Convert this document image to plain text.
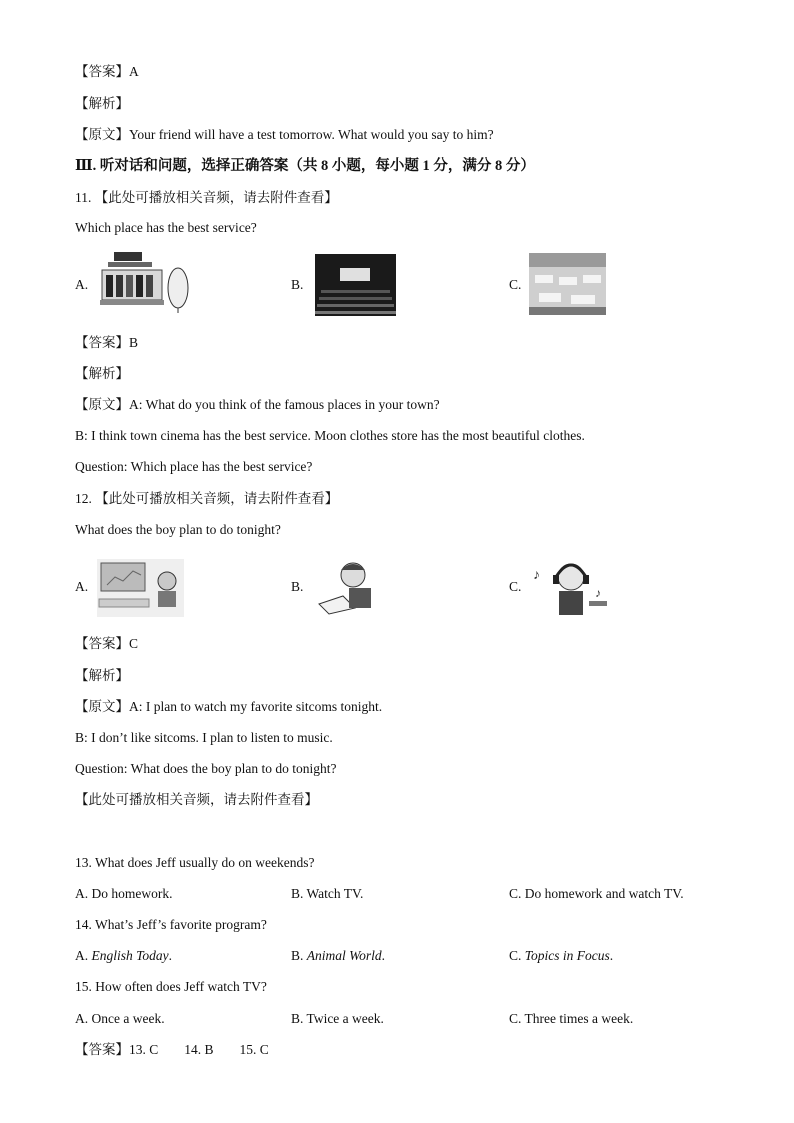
【答案】A
【解析】
【原文】Your friend will have a test tomorrow. What would you say to him?
Ⅲ. 听对话和问题，选择正确答案（共 8 小题，每小题 1 分，满分 8 分）
11. 【此处可播放相关音频，请去附件查看】
Which place has the best service?
A.	B.	C.
【答案】B
【解析】
【原文】A: What do you think of the famous places in your town?
B: I think town cinema has the best service. Moon clothes store has the most beautiful clothes.
Question: Which place has the best service?
12. 【此处可播放相关音频，请去附件查看】
What does the boy plan to do tonight?
A.	B.	C.
♪
♪
【答案】C
【解析】
【原文】A: I plan to watch my favorite sitcoms tonight.
B: I don’t like sitcoms. I plan to listen to music.
Question: What does the boy plan to do tonight?
【此处可播放相关音频，请去附件查看】
13. What does Jeff usually do on weekends?
A. Do homework.	B. Watch TV.	C. Do homework and watch TV.
14. What’s Jeff’s favorite program?
A. English Today.	B. Animal World.	C. Topics in Focus.
15. How often does Jeff watch TV?
A. Once a week.	B. Twice a week.	C. Three times a week.
【答案】13. C 14. B 15. C
